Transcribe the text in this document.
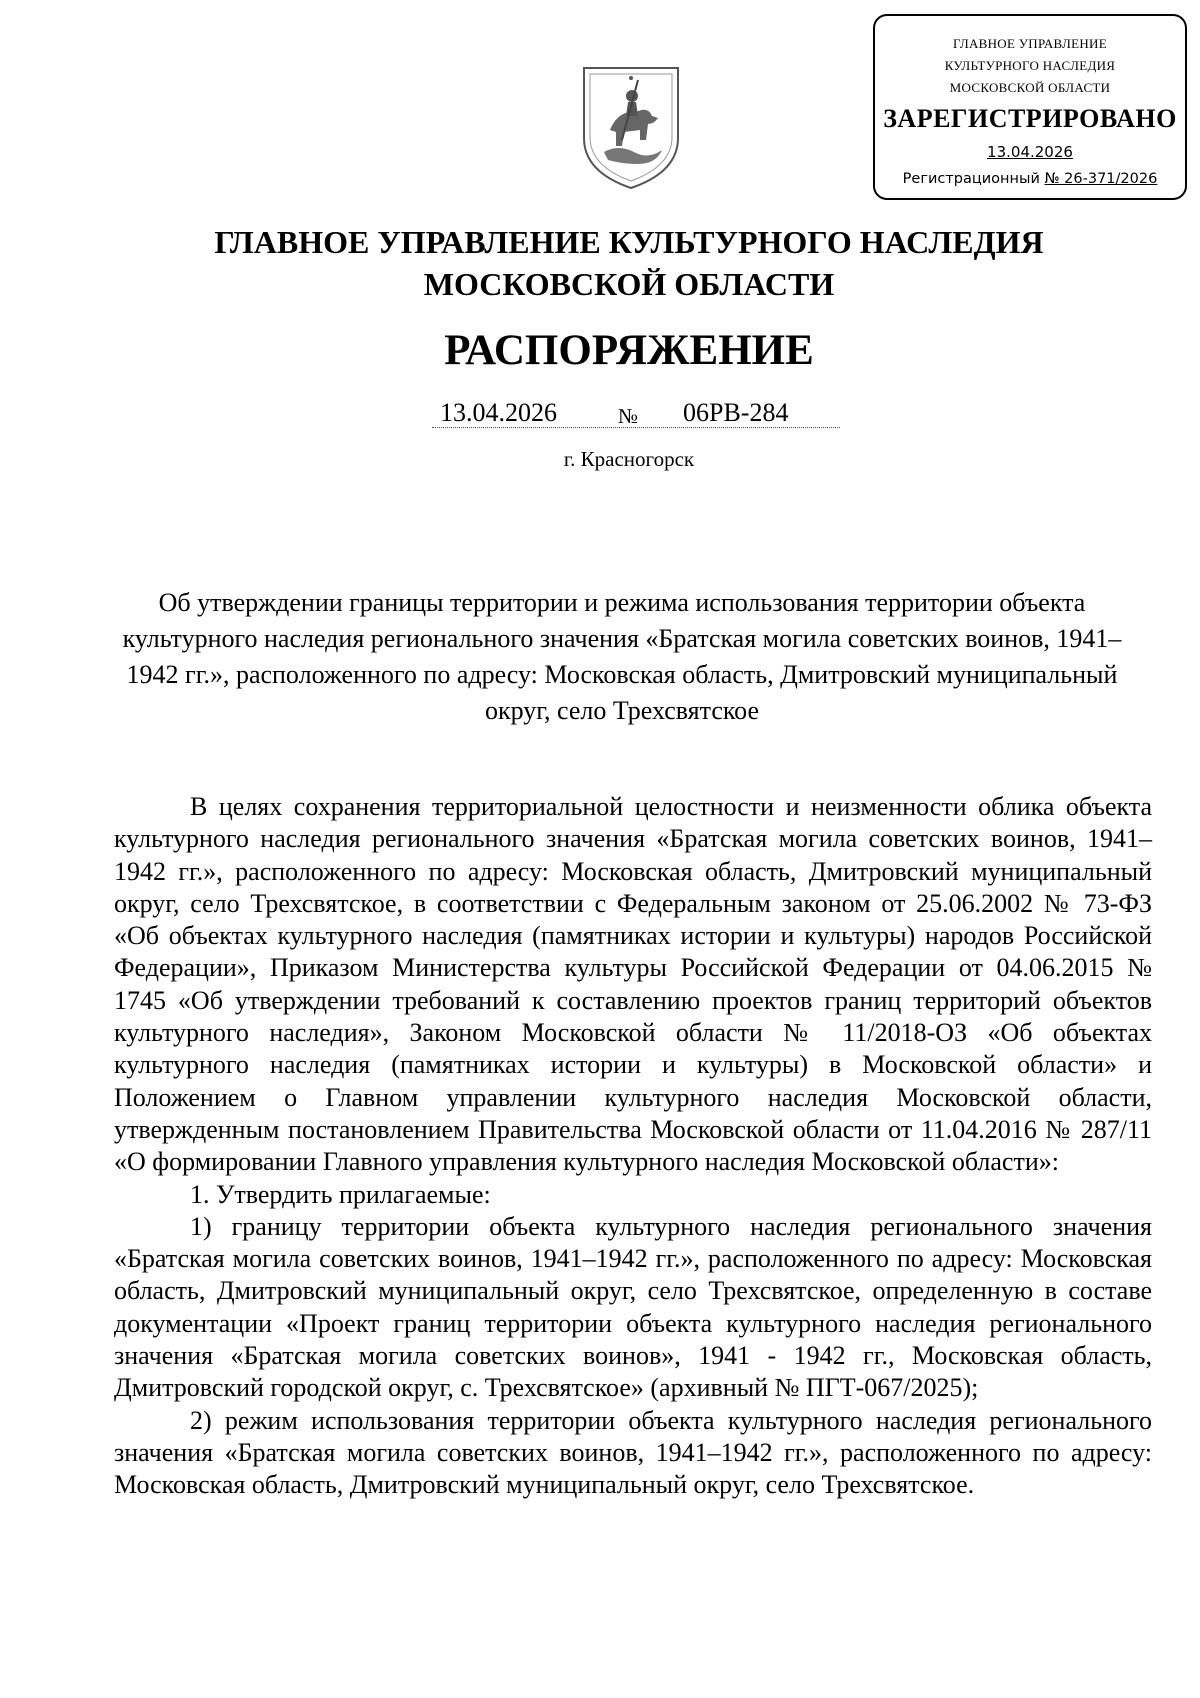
ГЛАВНОЕ УПРАВЛЕНИЕ
КУЛЬТУРНОГО НАСЛЕДИЯ
МОСКОВСКОЙ ОБЛАСТИ
ЗАРЕГИСТРИРОВАНО
13.04.2026
Регистрационный № 26-371/2026
ГЛАВНОЕ УПРАВЛЕНИЕ КУЛЬТУРНОГО НАСЛЕДИЯ
МОСКОВСКОЙ ОБЛАСТИ
РАСПОРЯЖЕНИЕ
13.04.2026	№ 06РВ-284
г. Красногорск
Об утверждении границы территории и режима использования территории объекта культурного наследия регионального значения «Братская могила советских воинов, 1941–1942 гг.», расположенного по адресу: Московская область, Дмитровский муниципальный округ, село Трехсвятское

В целях сохранения территориальной целостности и неизменности облика объекта культурного наследия регионального значения «Братская могила советских воинов, 1941–1942 гг.», расположенного по адресу: Московская область, Дмитровский муниципальный округ, село Трехсвятское, в соответствии с Федеральным законом от 25.06.2002 № 73-ФЗ «Об объектах культурного наследия (памятниках истории и культуры) народов Российской Федерации», Приказом Министерства культуры Российской Федерации от 04.06.2015 № 1745 «Об утверждении требований к составлению проектов границ территорий объектов культурного наследия», Законом Московской области № 11/2018-ОЗ «Об объектах культурного наследия (памятниках истории и культуры) в Московской области» и Положением о Главном управлении культурного наследия Московской области, утвержденным постановлением Правительства Московской области от 11.04.2016 № 287/11 «О формировании Главного управления культурного наследия Московской области»:

1. Утвердить прилагаемые:

1) границу территории объекта культурного наследия регионального значения «Братская могила советских воинов, 1941–1942 гг.», расположенного по адресу: Московская область, Дмитровский муниципальный округ, село Трехсвятское, определенную в составе документации «Проект границ территории объекта культурного наследия регионального значения «Братская могила советских воинов», 1941 - 1942 гг., Московская область, Дмитровский городской округ, с. Трехсвятское» (архивный № ПГТ-067/2025);

2) режим использования территории объекта культурного наследия регионального значения «Братская могила советских воинов, 1941–1942 гг.», расположенного по адресу: Московская область, Дмитровский муниципальный округ, село Трехсвятское.
